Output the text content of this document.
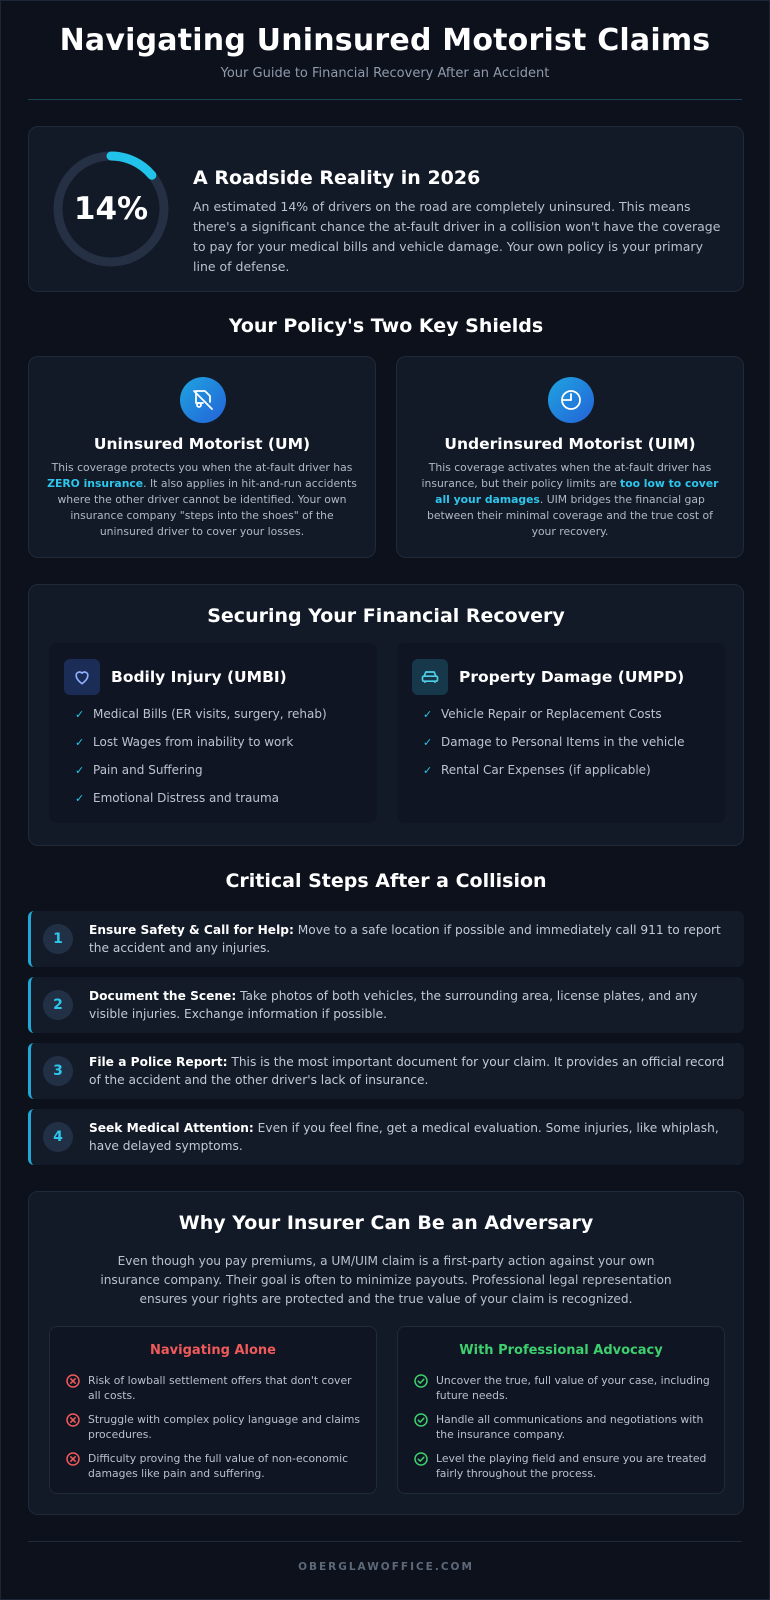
Navigating Uninsured Motorist Claims
Your Guide to Financial Recovery After an Accident
14%
A Roadside Reality in 2026
An estimated 14% of drivers on the road are completely uninsured. This means there's a significant chance the at-fault driver in a collision won't have the coverage to pay for your medical bills and vehicle damage. Your own policy is your primary line of defense.
Your Policy's Two Key Shields
Uninsured Motorist (UM)
This coverage protects you when the at-fault driver has ZERO insurance. It also applies in hit-and-run accidents where the other driver cannot be identified. Your own insurance company "steps into the shoes" of the uninsured driver to cover your losses.
Underinsured Motorist (UIM)
This coverage activates when the at-fault driver has insurance, but their policy limits are too low to cover all your damages. UIM bridges the financial gap between their minimal coverage and the true cost of your recovery.
Securing Your Financial Recovery
Bodily Injury (UMBI)
✓ Medical Bills (ER visits, surgery, rehab)
✓ Lost Wages from inability to work
✓ Pain and Suffering
✓ Emotional Distress and trauma
Property Damage (UMPD)
✓ Vehicle Repair or Replacement Costs
✓ Damage to Personal Items in the vehicle
✓ Rental Car Expenses (if applicable)
Critical Steps After a Collision
1
Ensure Safety & Call for Help: Move to a safe location if possible and immediately call 911 to report the accident and any injuries.
2
Document the Scene: Take photos of both vehicles, the surrounding area, license plates, and any visible injuries. Exchange information if possible.
3
File a Police Report: This is the most important document for your claim. It provides an official record of the accident and the other driver's lack of insurance.
4
Seek Medical Attention: Even if you feel fine, get a medical evaluation. Some injuries, like whiplash, have delayed symptoms.
Why Your Insurer Can Be an Adversary
Even though you pay premiums, a UM/UIM claim is a first-party action against your own insurance company. Their goal is often to minimize payouts. Professional legal representation ensures your rights are protected and the true value of your claim is recognized.
Navigating Alone
Risk of lowball settlement offers that don't cover all costs.
Struggle with complex policy language and claims procedures.
Difficulty proving the full value of non-economic damages like pain and suffering.
With Professional Advocacy
Uncover the true, full value of your case, including future needs.
Handle all communications and negotiations with the insurance company.
Level the playing field and ensure you are treated fairly throughout the process.
OBERGLAWOFFICE.COM
